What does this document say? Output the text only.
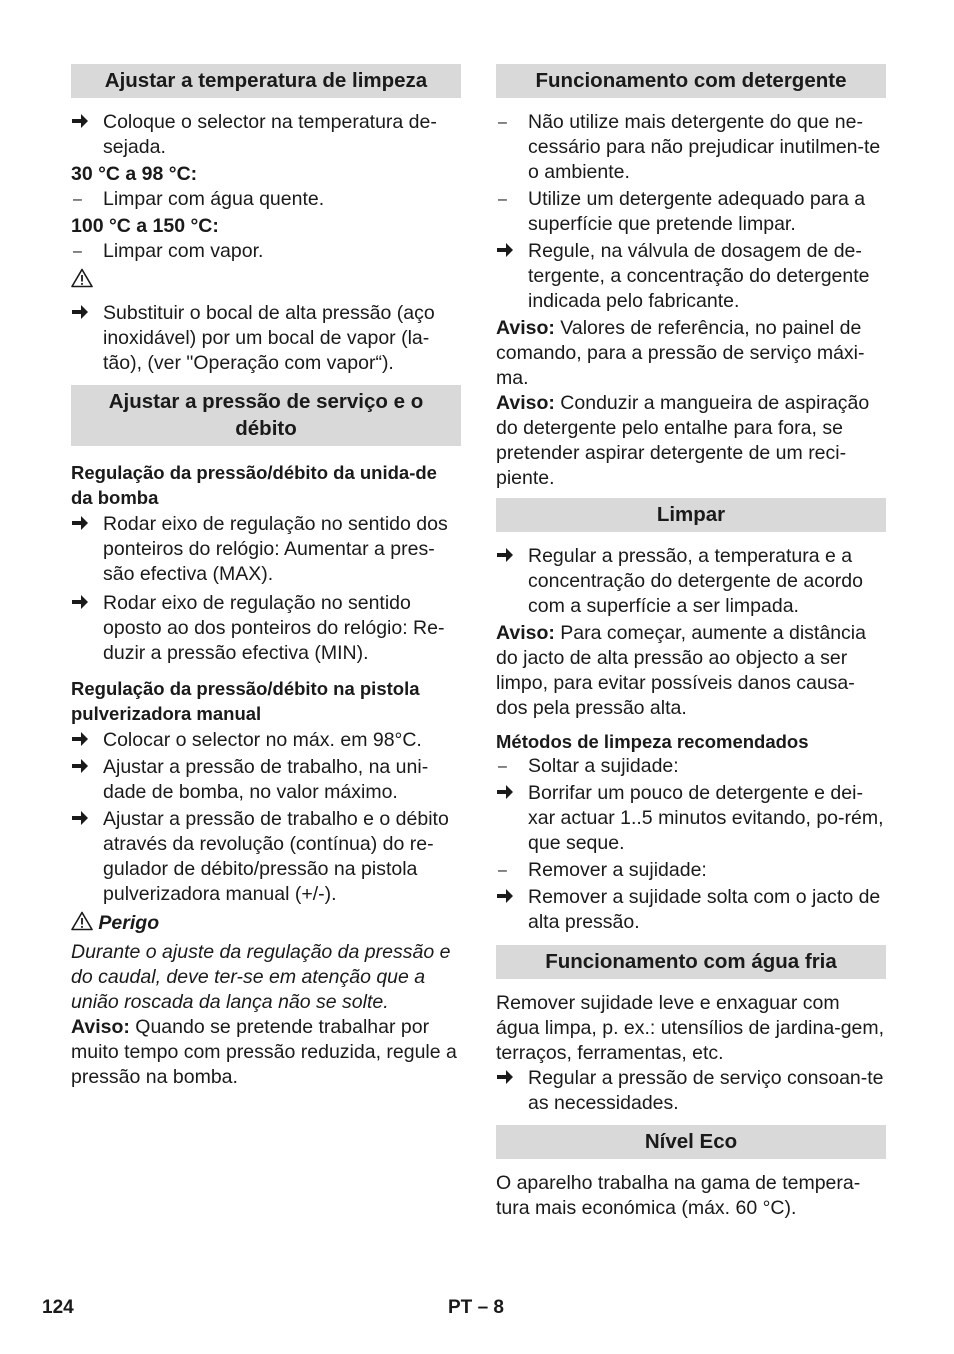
Ajustar a temperatura de limpeza
Coloque o selector na temperatura de-sejada.
30 °C a 98 °C:
–	Limpar com água quente.
100 °C a 150 °C:
–	Limpar com vapor.
Substituir o bocal de alta pressão (aço inoxidável) por um bocal de vapor (la-tão), (ver "Operação com vapor“).
Ajustar a pressão de serviço e o débito
Regulação da pressão/débito da unida-de da bomba
Rodar eixo de regulação no sentido dos ponteiros do relógio: Aumentar a pres-são efectiva (MAX).
Rodar eixo de regulação no sentido oposto ao dos ponteiros do relógio: Re-duzir a pressão efectiva (MIN).
Regulação da pressão/débito na pistola pulverizadora manual
Colocar o selector no máx. em 98°C.
Ajustar a pressão de trabalho, na uni-dade de bomba, no valor máximo.
Ajustar a pressão de trabalho e o débito através da revolução (contínua) do re-gulador de débito/pressão na pistola pulverizadora manual (+/-).
Perigo
Durante o ajuste da regulação da pressão e do caudal, deve ter-se em atenção que a união roscada da lança não se solte.
Aviso: Quando se pretende trabalhar por muito tempo com pressão reduzida, regule a pressão na bomba.
Funcionamento com detergente
–	Não utilize mais detergente do que ne-cessário para não prejudicar inutilmen-te o ambiente.
–	Utilize um detergente adequado para a superfície que pretende limpar.
Regule, na válvula de dosagem de de-tergente, a concentração do detergente indicada pelo fabricante.
Aviso: Valores de referência, no painel de comando, para a pressão de serviço máxi-ma.
Aviso: Conduzir a mangueira de aspiração do detergente pelo entalhe para fora, se pretender aspirar detergente de um reci-piente.
Limpar
Regular a pressão, a temperatura e a concentração do detergente de acordo com a superfície a ser limpada.
Aviso: Para começar, aumente a distância do jacto de alta pressão ao objecto a ser limpo, para evitar possíveis danos causa-dos pela pressão alta.
Métodos de limpeza recomendados
–	Soltar a sujidade:
Borrifar um pouco de detergente e dei-xar actuar 1..5 minutos evitando, po-rém, que seque.
–	Remover a sujidade:
Remover a sujidade solta com o jacto de alta pressão.
Funcionamento com água fria
Remover sujidade leve e enxaguar com água limpa, p. ex.: utensílios de jardina-gem, terraços, ferramentas, etc.
Regular a pressão de serviço consoan-te as necessidades.
Nível Eco
O aparelho trabalha na gama de tempera-tura mais económica (máx. 60 °C).
124	PT – 8
